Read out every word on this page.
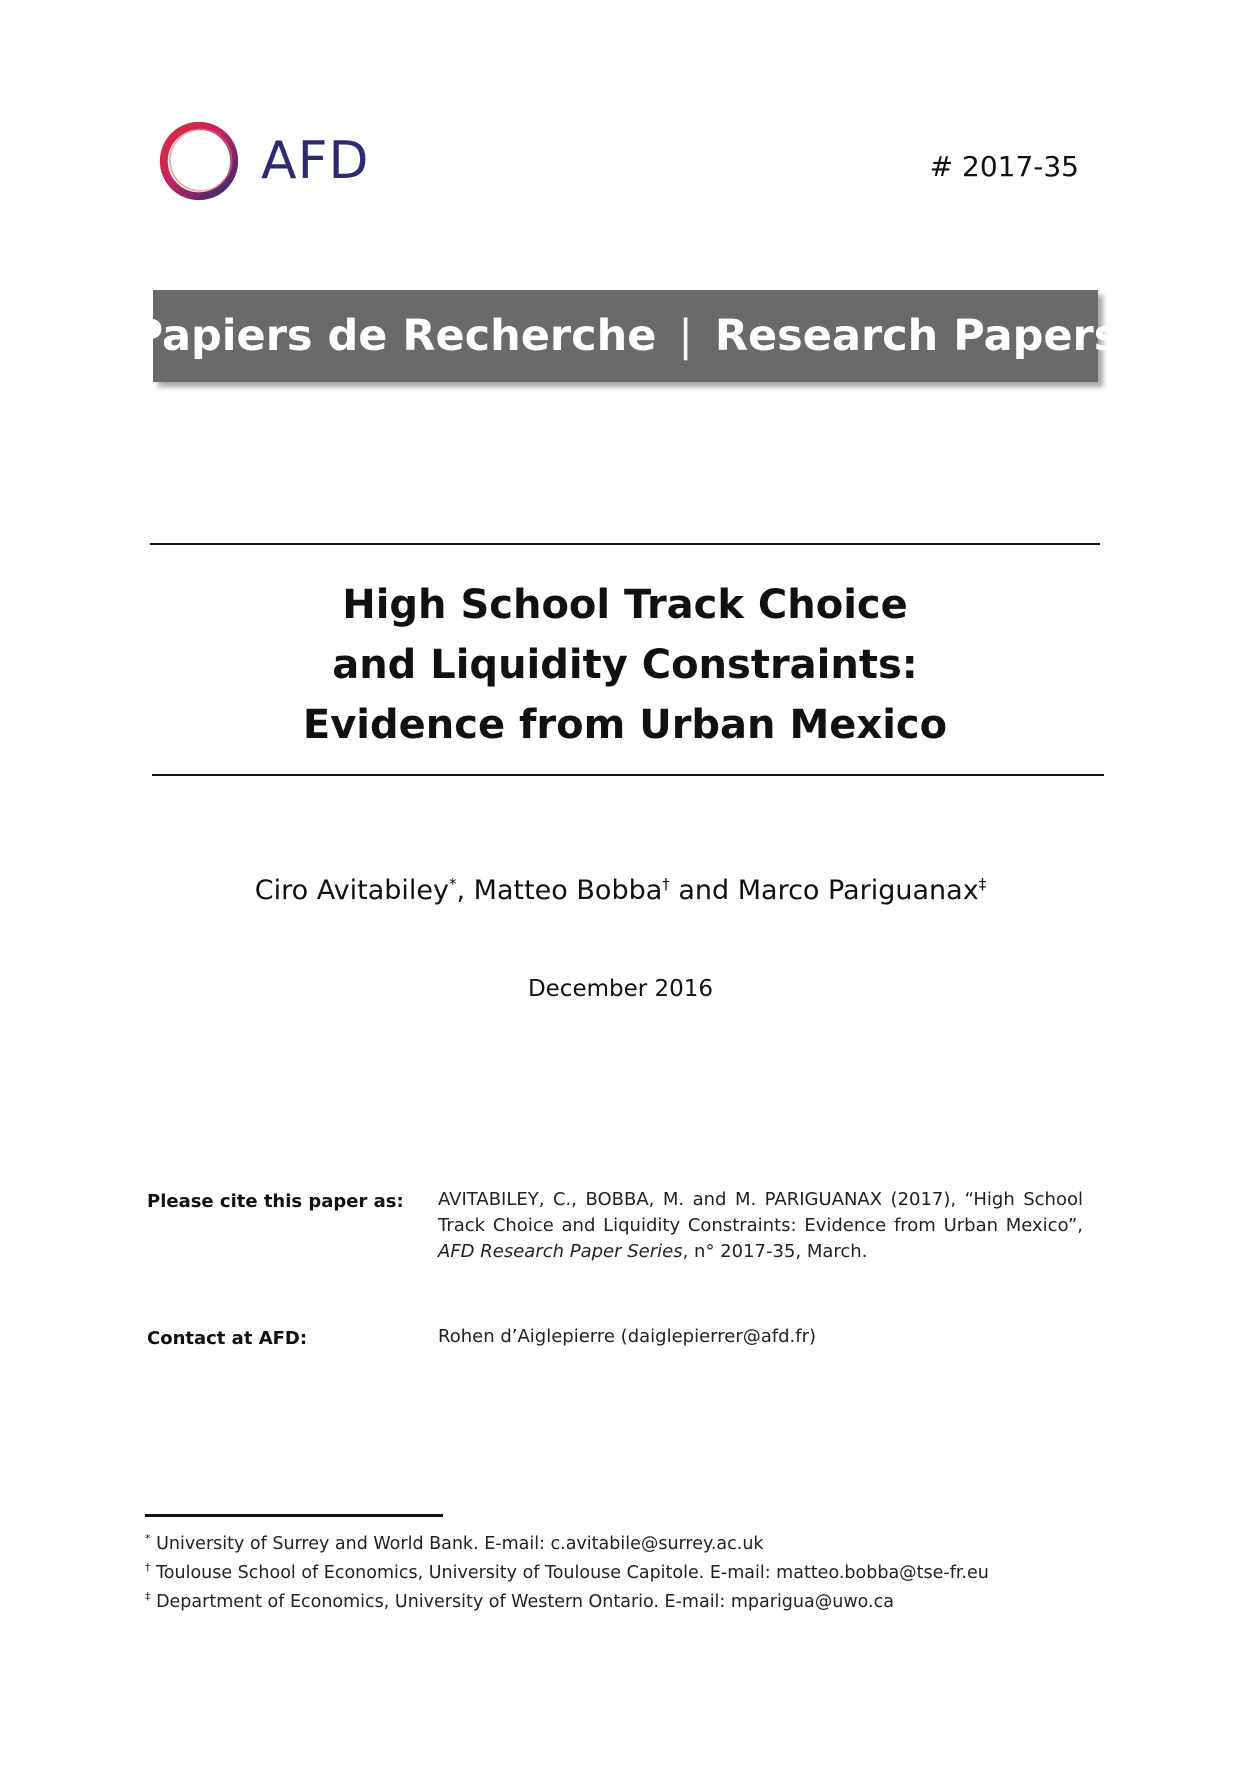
AFD	# 2017-35
Papiers de Recherche | Research Papers
High School Track Choice
and Liquidity Constraints:
Evidence from Urban Mexico
Ciro Avitabiley*, Matteo Bobba† and Marco Pariguanax‡
December 2016
Please cite this paper as: AVITABILEY, C., BOBBA, M. and M. PARIGUANAX (2017), “High School Track Choice and Liquidity Constraints: Evidence from Urban Mexico”, AFD Research Paper Series, n° 2017-35, March.
Contact at AFD:	Rohen d’Aiglepierre (daiglepierrer@afd.fr)
* University of Surrey and World Bank. E-mail: c.avitabile@surrey.ac.uk
† Toulouse School of Economics, University of Toulouse Capitole. E-mail: matteo.bobba@tse-fr.eu
‡ Department of Economics, University of Western Ontario. E-mail: mpariguа@uwo.ca
